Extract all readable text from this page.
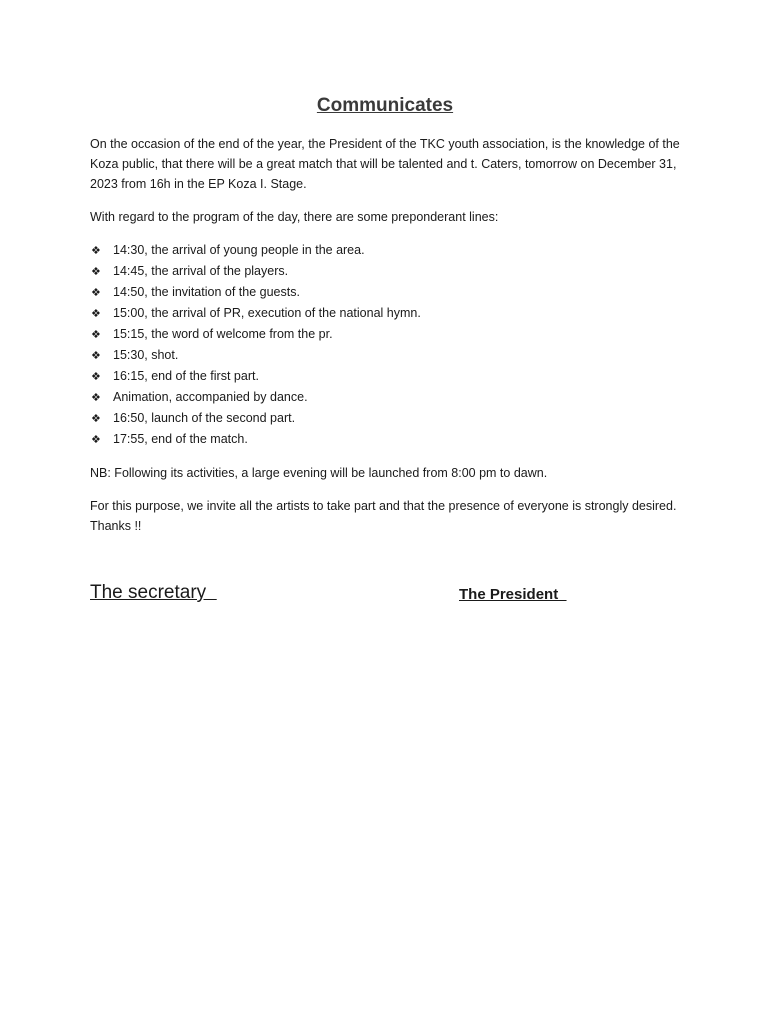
Communicates

On the occasion of the end of the year, the President of the TKC youth association, is the knowledge of the Koza public, that there will be a great match that will be talented and t. Caters, tomorrow on December 31, 2023 from 16h in the EP Koza I. Stage.

With regard to the program of the day, there are some preponderant lines:

❖ 14:30, the arrival of young people in the area.
❖ 14:45, the arrival of the players.
❖ 14:50, the invitation of the guests.
❖ 15:00, the arrival of PR, execution of the national hymn.
❖ 15:15, the word of welcome from the pr.
❖ 15:30, shot.
❖ 16:15, end of the first part.
❖ Animation, accompanied by dance.
❖ 16:50, launch of the second part.
❖ 17:55, end of the match.

NB: Following its activities, a large evening will be launched from 8:00 pm to dawn.

For this purpose, we invite all the artists to take part and that the presence of everyone is strongly desired. Thanks !!

The secretary	The President
